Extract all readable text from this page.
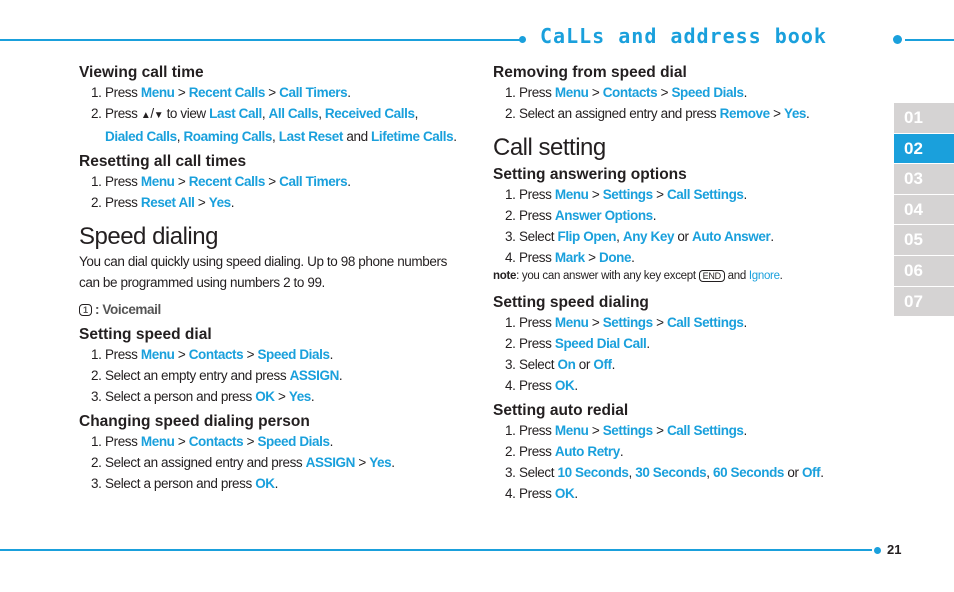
CaLLs and address book
01
02
03
04
05
06
07
Viewing call time
1. Press Menu > Recent Calls > Call Timers.
2. Press ▲/▼ to view Last Call, All Calls, Received Calls,
Dialed Calls, Roaming Calls, Last Reset and Lifetime Calls.
Resetting all call times
1. Press Menu > Recent Calls > Call Timers.
2. Press Reset All > Yes.
Speed dialing

You can dial quickly using speed dialing. Up to 98 phone numbers

can be programmed using numbers 2 to 99.

1 : Voicemail

Setting speed dial
1. Press Menu > Contacts > Speed Dials.
2. Select an empty entry and press ASSIGN.
3. Select a person and press OK > Yes.
Changing speed dialing person
1. Press Menu > Contacts > Speed Dials.
2. Select an assigned entry and press ASSIGN > Yes.
3. Select a person and press OK.
Removing from speed dial
1. Press Menu > Contacts > Speed Dials.
2. Select an assigned entry and press Remove > Yes.
Call setting
Setting answering options
1. Press Menu > Settings > Call Settings.
2. Press Answer Options.
3. Select Flip Open, Any Key or Auto Answer.
4. Press Mark > Done.

note: you can answer with any key except END and Ignore.

Setting speed dialing
1. Press Menu > Settings > Call Settings.
2. Press Speed Dial Call.
3. Select On or Off.
4. Press OK.
Setting auto redial
1. Press Menu > Settings > Call Settings.
2. Press Auto Retry.
3. Select 10 Seconds, 30 Seconds, 60 Seconds or Off.
4. Press OK.
21
